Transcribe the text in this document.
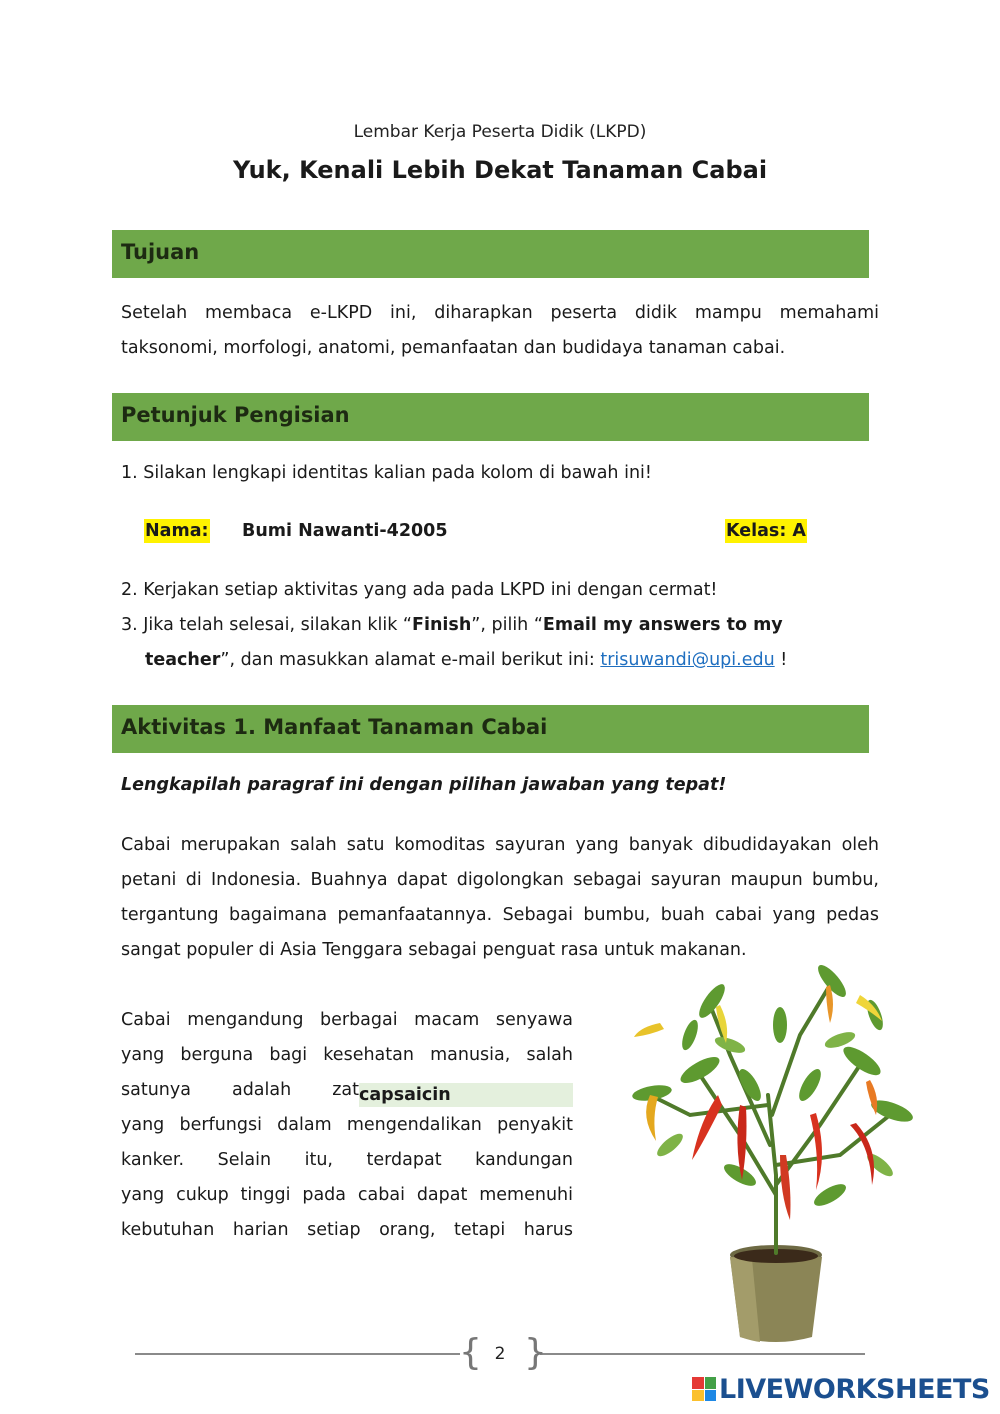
Lembar Kerja Peserta Didik (LKPD)
Yuk, Kenali Lebih Dekat Tanaman Cabai
Tujuan
Setelah membaca e-LKPD ini, diharapkan peserta didik mampu memahami
taksonomi, morfologi, anatomi, pemanfaatan dan budidaya tanaman cabai.
Petunjuk Pengisian
1. Silakan lengkapi identitas kalian pada kolom di bawah ini!
Nama: Bumi Nawanti-42005	Kelas: A
2. Kerjakan setiap aktivitas yang ada pada LKPD ini dengan cermat!
3. Jika telah selesai, silakan klik “Finish”, pilih “Email my answers to my
teacher”, dan masukkan alamat e-mail berikut ini: trisuwandi@upi.edu !
Aktivitas 1. Manfaat Tanaman Cabai
Lengkapilah paragraf ini dengan pilihan jawaban yang tepat!
Cabai merupakan salah satu komoditas sayuran yang banyak dibudidayakan oleh
petani di Indonesia. Buahnya dapat digolongkan sebagai sayuran maupun bumbu,
tergantung bagaimana pemanfaatannya. Sebagai bumbu, buah cabai yang pedas
sangat populer di Asia Tenggara sebagai penguat rasa untuk makanan.
Cabai mengandung berbagai macam senyawa
yang berguna bagi kesehatan manusia, salah
satunya adalah zatcapsaicin
yang berfungsi dalam mengendalikan penyakit
kanker. Selain itu, terdapat kandungan
yang cukup tinggi pada cabai dapat memenuhi
kebutuhan harian setiap orang, tetapi harus
{ }
2
LIVEWORKSHEETS
